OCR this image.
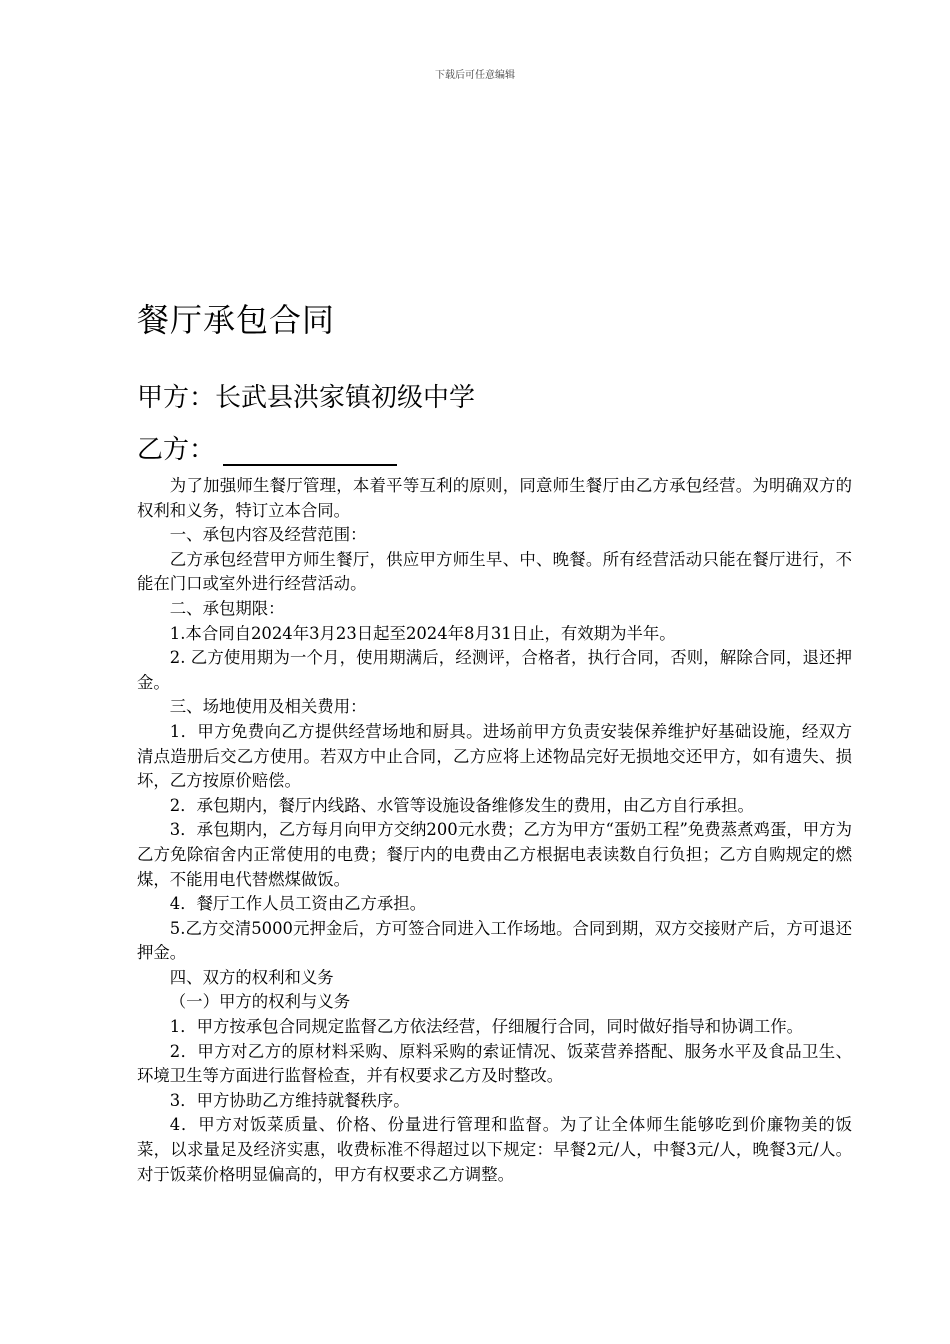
下载后可任意编辑
餐厅承包合同
甲方：长武县洪家镇初级中学
乙方：

为了加强师生餐厅管理，本着平等互利的原则，同意师生餐厅由乙方承包经营。为明确双方的权利和义务，特订立本合同。

一、承包内容及经营范围：

乙方承包经营甲方师生餐厅，供应甲方师生早、中、晚餐。所有经营活动只能在餐厅进行，不能在门口或室外进行经营活动。

二、承包期限：

1.本合同自2024年3月23日起至2024年8月31日止，有效期为半年。

2. 乙方使用期为一个月，使用期满后，经测评，合格者，执行合同，否则，解除合同，退还押金。

三、场地使用及相关费用：

1．甲方免费向乙方提供经营场地和厨具。进场前甲方负责安装保养维护好基础设施，经双方清点造册后交乙方使用。若双方中止合同，乙方应将上述物品完好无损地交还甲方，如有遗失、损坏，乙方按原价赔偿。

2．承包期内，餐厅内线路、水管等设施设备维修发生的费用，由乙方自行承担。

3．承包期内，乙方每月向甲方交纳200元水费；乙方为甲方“蛋奶工程”免费蒸煮鸡蛋，甲方为乙方免除宿舍内正常使用的电费；餐厅内的电费由乙方根据电表读数自行负担；乙方自购规定的燃煤，不能用电代替燃煤做饭。

4．餐厅工作人员工资由乙方承担。

5.乙方交清5000元押金后，方可签合同进入工作场地。合同到期，双方交接财产后，方可退还押金。

四、双方的权利和义务

（一）甲方的权利与义务

1．甲方按承包合同规定监督乙方依法经营，仔细履行合同，同时做好指导和协调工作。

2．甲方对乙方的原材料采购、原料采购的索证情况、饭菜营养搭配、服务水平及食品卫生、环境卫生等方面进行监督检查，并有权要求乙方及时整改。

3．甲方协助乙方维持就餐秩序。

4．甲方对饭菜质量、价格、份量进行管理和监督。为了让全体师生能够吃到价廉物美的饭菜，以求量足及经济实惠，收费标准不得超过以下规定：早餐2元/人，中餐3元/人，晚餐3元/人。对于饭菜价格明显偏高的，甲方有权要求乙方调整。
